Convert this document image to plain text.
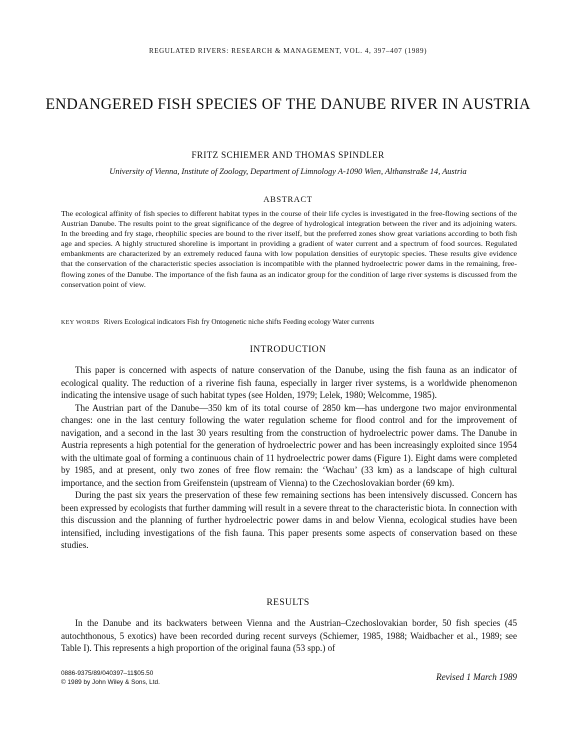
REGULATED RIVERS: RESEARCH & MANAGEMENT, VOL. 4, 397–407 (1989)
ENDANGERED FISH SPECIES OF THE DANUBE RIVER IN AUSTRIA
FRITZ SCHIEMER AND THOMAS SPINDLER
University of Vienna, Institute of Zoology, Department of Limnology A-1090 Wien, Althanstraße 14, Austria
ABSTRACT
The ecological affinity of fish species to different habitat types in the course of their life cycles is investigated in the free-flowing sections of the Austrian Danube. The results point to the great significance of the degree of hydrological integration between the river and its adjoining waters. In the breeding and fry stage, rheophilic species are bound to the river itself, but the preferred zones show great variations according to both fish age and species. A highly structured shoreline is important in providing a gradient of water current and a spectrum of food sources. Regulated embankments are characterized by an extremely reduced fauna with low population densities of eurytopic species. These results give evidence that the conservation of the characteristic species association is incompatible with the planned hydroelectric power dams in the remaining, free-flowing zones of the Danube. The importance of the fish fauna as an indicator group for the condition of large river systems is discussed from the conservation point of view.
KEY WORDS Rivers Ecological indicators Fish fry Ontogenetic niche shifts Feeding ecology Water currents
INTRODUCTION

This paper is concerned with aspects of nature conservation of the Danube, using the fish fauna as an indicator of ecological quality. The reduction of a riverine fish fauna, especially in larger river systems, is a worldwide phenomenon indicating the intensive usage of such habitat types (see Holden, 1979; Lelek, 1980; Welcomme, 1985).

The Austrian part of the Danube—350 km of its total course of 2850 km—has undergone two major environmental changes: one in the last century following the water regulation scheme for flood control and for the improvement of navigation, and a second in the last 30 years resulting from the construction of hydroelectric power dams. The Danube in Austria represents a high potential for the generation of hydroelectric power and has been increasingly exploited since 1954 with the ultimate goal of forming a continuous chain of 11 hydroelectric power dams (Figure 1). Eight dams were completed by 1985, and at present, only two zones of free flow remain: the ‘Wachau’ (33 km) as a landscape of high cultural importance, and the section from Greifenstein (upstream of Vienna) to the Czechoslovakian border (69 km).

During the past six years the preservation of these few remaining sections has been intensively discussed. Concern has been expressed by ecologists that further damming will result in a severe threat to the characteristic biota. In connection with this discussion and the planning of further hydroelectric power dams in and below Vienna, ecological studies have been intensified, including investigations of the fish fauna. This paper presents some aspects of conservation based on these studies.

RESULTS

In the Danube and its backwaters between Vienna and the Austrian–Czechoslovakian border, 50 fish species (45 autochthonous, 5 exotics) have been recorded during recent surveys (Schiemer, 1985, 1988; Waidbacher et al., 1989; see Table I). This represents a high proportion of the original fauna (53 spp.) of

0886-9375/89/040397–11$05.50
© 1989 by John Wiley & Sons, Ltd.
Revised 1 March 1989
